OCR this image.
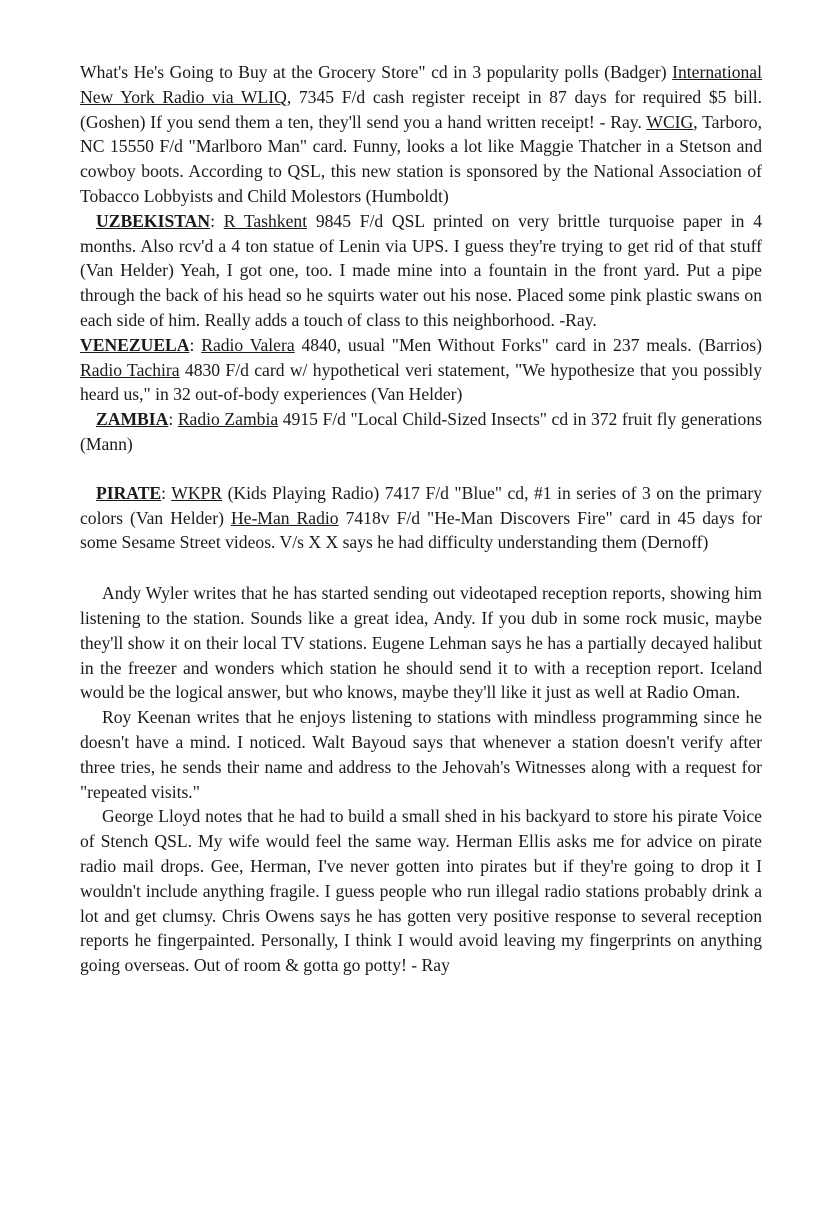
What's He's Going to Buy at the Grocery Store" cd in 3 popularity polls (Badger) International New York Radio via WLIQ, 7345 F/d cash register receipt in 87 days for required $5 bill. (Goshen) If you send them a ten, they'll send you a hand written receipt! - Ray. WCIG, Tarboro, NC 15550 F/d "Marlboro Man" card. Funny, looks a lot like Maggie Thatcher in a Stetson and cowboy boots. According to QSL, this new station is sponsored by the National Association of Tobacco Lobbyists and Child Molestors (Humboldt)

UZBEKISTAN: R Tashkent 9845 F/d QSL printed on very brittle turquoise paper in 4 months. Also rcv'd a 4 ton statue of Lenin via UPS. I guess they're trying to get rid of that stuff (Van Helder) Yeah, I got one, too. I made mine into a fountain in the front yard. Put a pipe through the back of his head so he squirts water out his nose. Placed some pink plastic swans on each side of him. Really adds a touch of class to this neighborhood. -Ray.

VENEZUELA: Radio Valera 4840, usual "Men Without Forks" card in 237 meals. (Barrios) Radio Tachira 4830 F/d card w/ hypothetical veri statement, "We hypothesize that you possibly heard us," in 32 out-of-body experiences (Van Helder)

ZAMBIA: Radio Zambia 4915 F/d "Local Child-Sized Insects" cd in 372 fruit fly generations (Mann)

PIRATE: WKPR (Kids Playing Radio) 7417 F/d "Blue" cd, #1 in series of 3 on the primary colors (Van Helder) He-Man Radio 7418v F/d "He-Man Discovers Fire" card in 45 days for some Sesame Street videos. V/s X X says he had difficulty understanding them (Dernoff)

Andy Wyler writes that he has started sending out videotaped reception reports, showing him listening to the station. Sounds like a great idea, Andy. If you dub in some rock music, maybe they'll show it on their local TV stations. Eugene Lehman says he has a partially decayed halibut in the freezer and wonders which station he should send it to with a reception report. Iceland would be the logical answer, but who knows, maybe they'll like it just as well at Radio Oman.

Roy Keenan writes that he enjoys listening to stations with mindless programming since he doesn't have a mind. I noticed. Walt Bayoud says that whenever a station doesn't verify after three tries, he sends their name and address to the Jehovah's Witnesses along with a request for "repeated visits."

George Lloyd notes that he had to build a small shed in his backyard to store his pirate Voice of Stench QSL. My wife would feel the same way. Herman Ellis asks me for advice on pirate radio mail drops. Gee, Herman, I've never gotten into pirates but if they're going to drop it I wouldn't include anything fragile. I guess people who run illegal radio stations probably drink a lot and get clumsy. Chris Owens says he has gotten very positive response to several reception reports he fingerpainted. Personally, I think I would avoid leaving my fingerprints on anything going overseas. Out of room & gotta go potty! - Ray
